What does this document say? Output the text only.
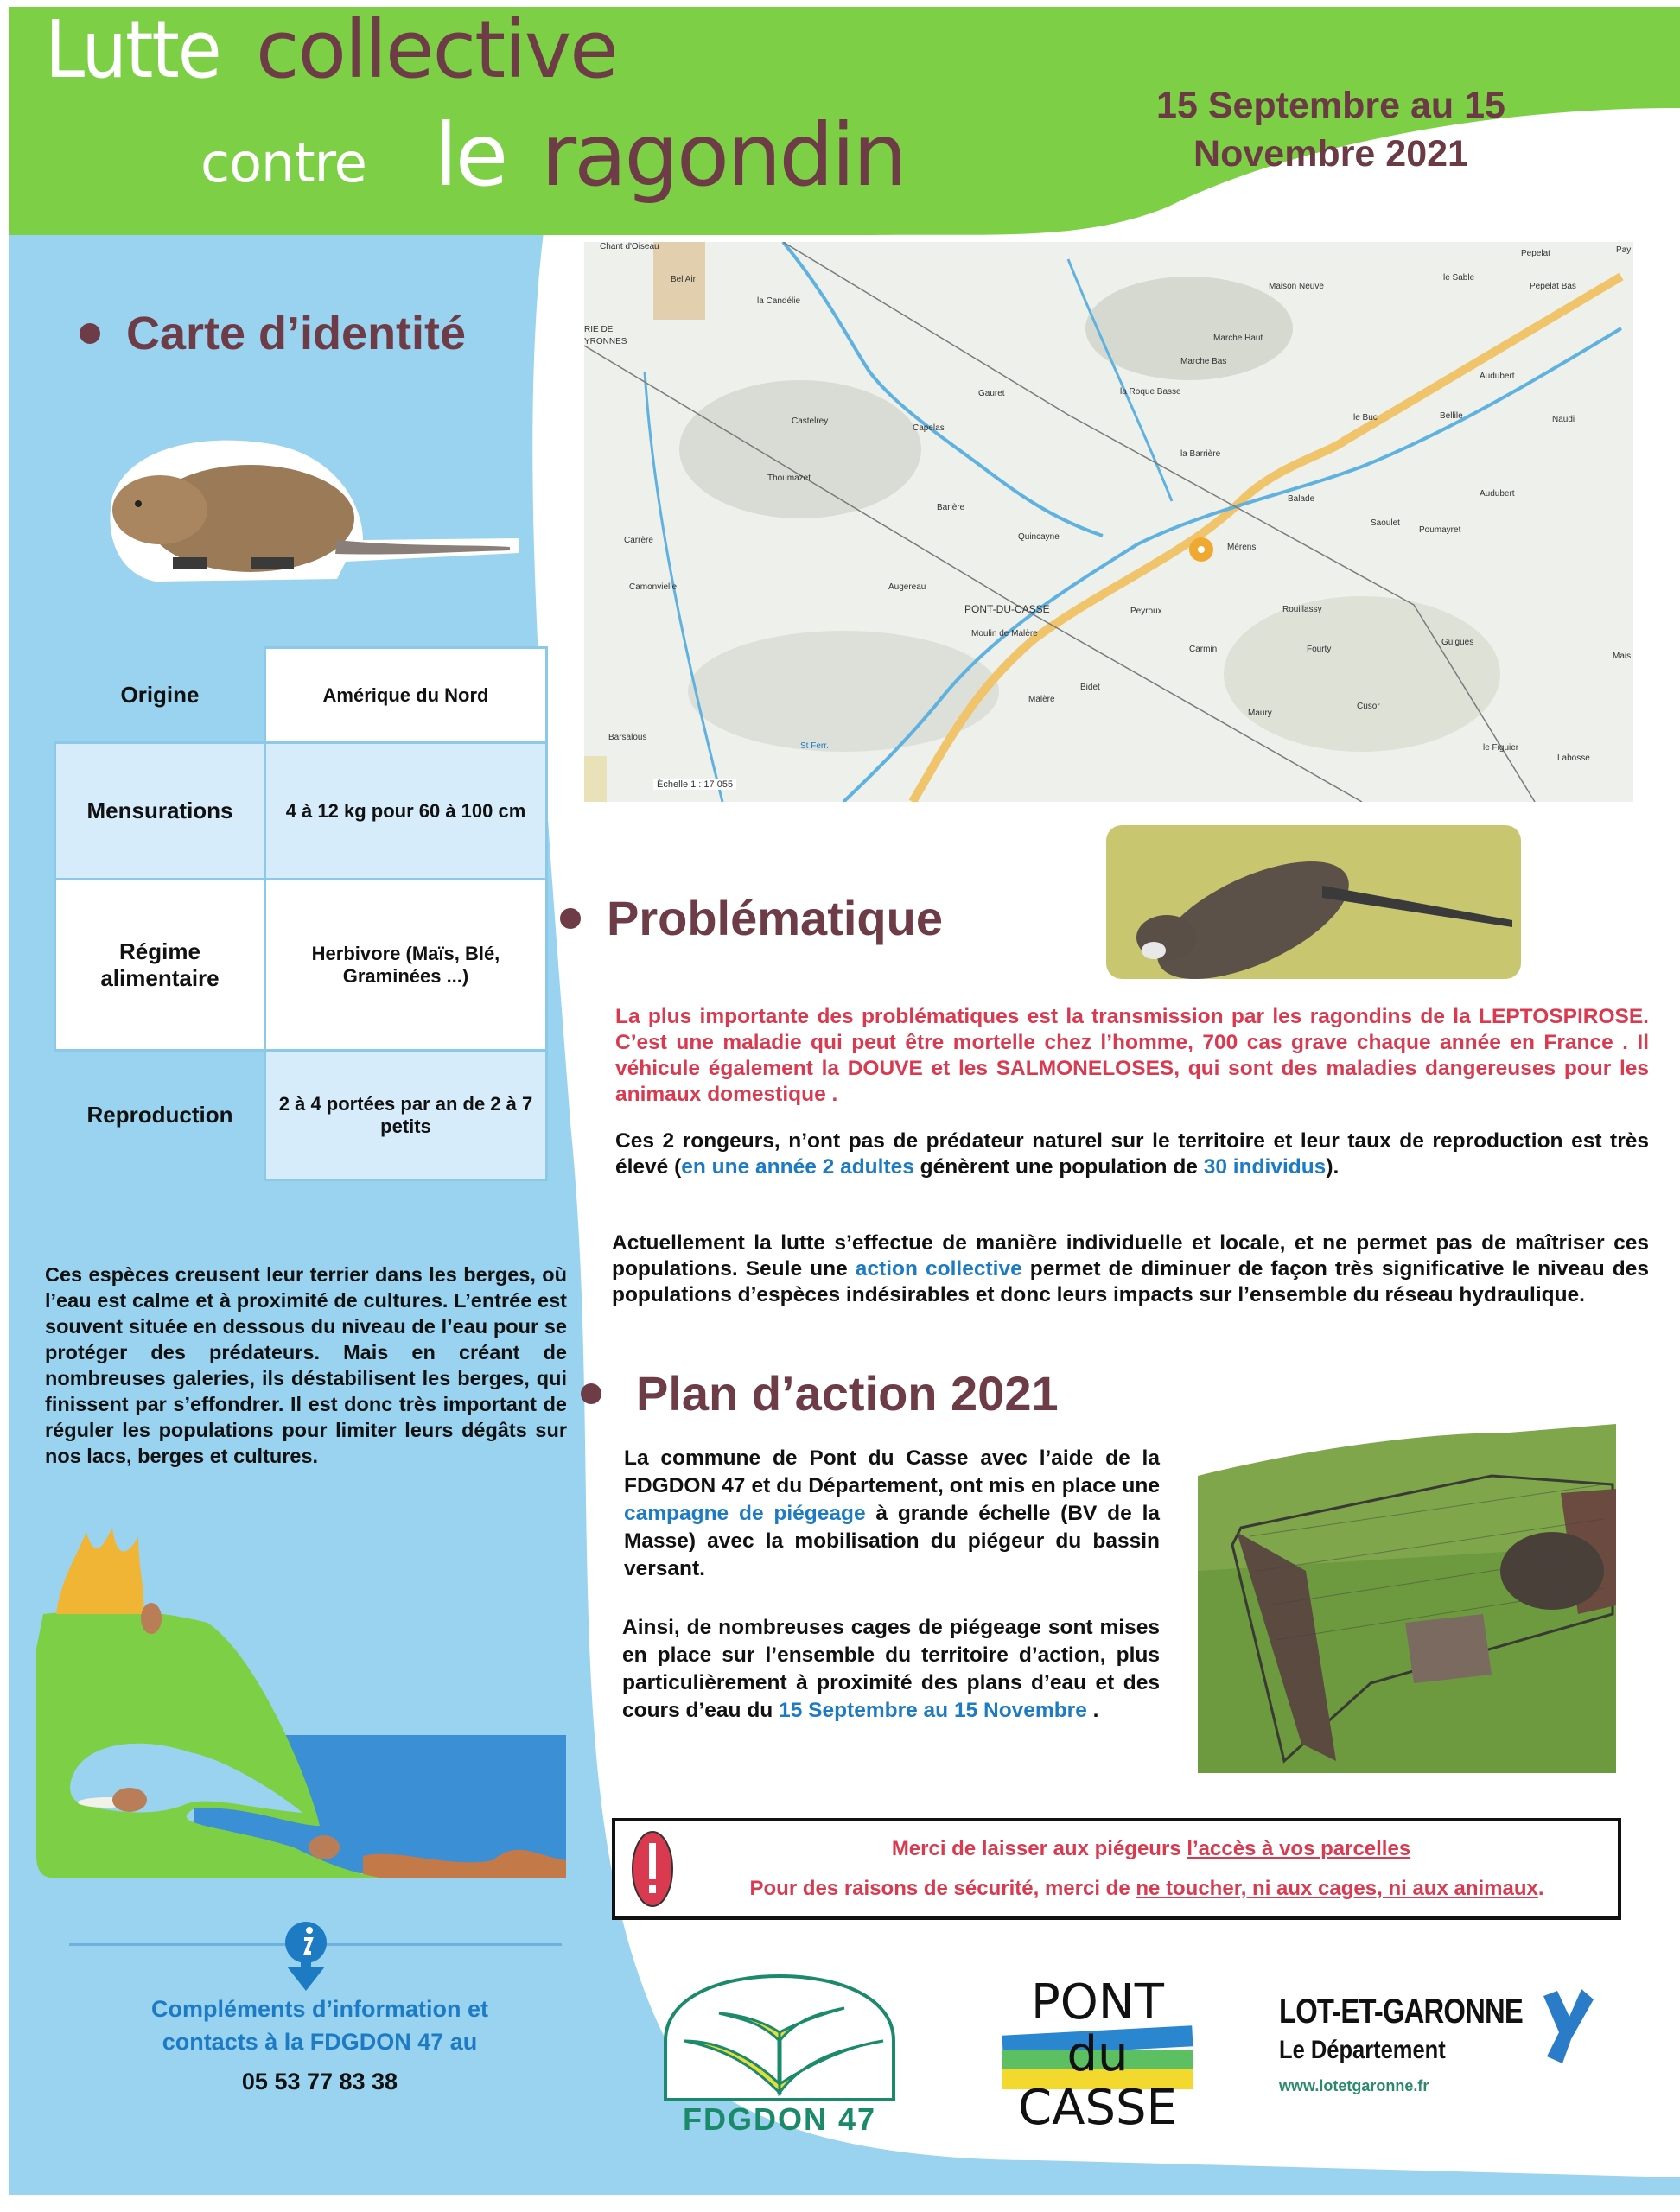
Lutte collective
contre le ragondin	15 Septembre au 15
Novembre 2021
Carte d’identité
Origine	Amérique du Nord
Mensurations	4 à 12 kg pour 60 à 100 cm
Régime alimentaire	Herbivore (Maïs, Blé, Graminées ...)
Reproduction	2 à 4 portées par an de 2 à 7 petits
Ces espèces creusent leur terrier dans les berges, où l’eau est calme et à proximité de cultures. L’entrée est souvent située en dessous du niveau de l’eau pour se protéger des prédateurs. Mais en créant de nombreuses galeries, ils déstabilisent les berges, qui finissent par s’effondrer. Il est donc très important de réguler les populations pour limiter leurs dégâts sur nos lacs, berges et cultures.
Compléments d’information et
contacts à la FDGDON 47 au
05 53 77 83 38
Chant d'Oiseau
Bel Air
la Candélie
RIE DE
YRONNES
Castelrey
Thoumazet
Gauret
Capelas
la Roque Basse
Marche Haut
Marche Bas
Maison Neuve
le Sable
Pepelat
Pepelat Bas
Pay
Audubert
le Buc	Bellile	Naudi
la Barrière
Balade
Audubert
Barlère
Quincayne
Carrère
Camonvielle	Augereau
PONT-DU-CASSE
Moulin de Malère
Bidet
Malère
Barsalous
St Ferr.
Peyroux
Mérens
Saoulet
Poumayret
Rouillassy
Fourty
Carmin
Guigues
Cusor
Maury
le Figuier
Labosse
Mais
Échelle 1 : 17 055
Problématique
La plus importante des problématiques est la transmission par les ragondins de la LEPTOSPIROSE. C’est une maladie qui peut être mortelle chez l’homme, 700 cas grave chaque année en France . Il véhicule également la DOUVE et les SALMONELOSES, qui sont des maladies dangereuses pour les animaux domestique .
Ces 2 rongeurs, n’ont pas de prédateur naturel sur le territoire et leur taux de reproduction est très élevé (en une année 2 adultes génèrent une population de 30 individus).
Actuellement la lutte s’effectue de manière individuelle et locale, et ne permet pas de maîtriser ces populations. Seule une action collective permet de diminuer de façon très significative le niveau des populations d’espèces indésirables et donc leurs impacts sur l’ensemble du réseau hydraulique.
Plan d’action 2021
La commune de Pont du Casse avec l’aide de la FDGDON 47 et du Département, ont mis en place une campagne de piégeage à grande échelle (BV de la Masse) avec la mobilisation du piégeur du bassin versant.
Ainsi, de nombreuses cages de piégeage sont mises en place sur l’ensemble du territoire d’action, plus particulièrement à proximité des plans d’eau et des cours d’eau du 15 Septembre au 15 Novembre .
Merci de laisser aux piégeurs l’accès à vos parcelles
Pour des raisons de sécurité, merci de ne toucher, ni aux cages, ni aux animaux.
FDGDON 47
PONT
du
CASSE
LOT-ET-GARONNE
Le Département
www.lotetgaronne.fr
